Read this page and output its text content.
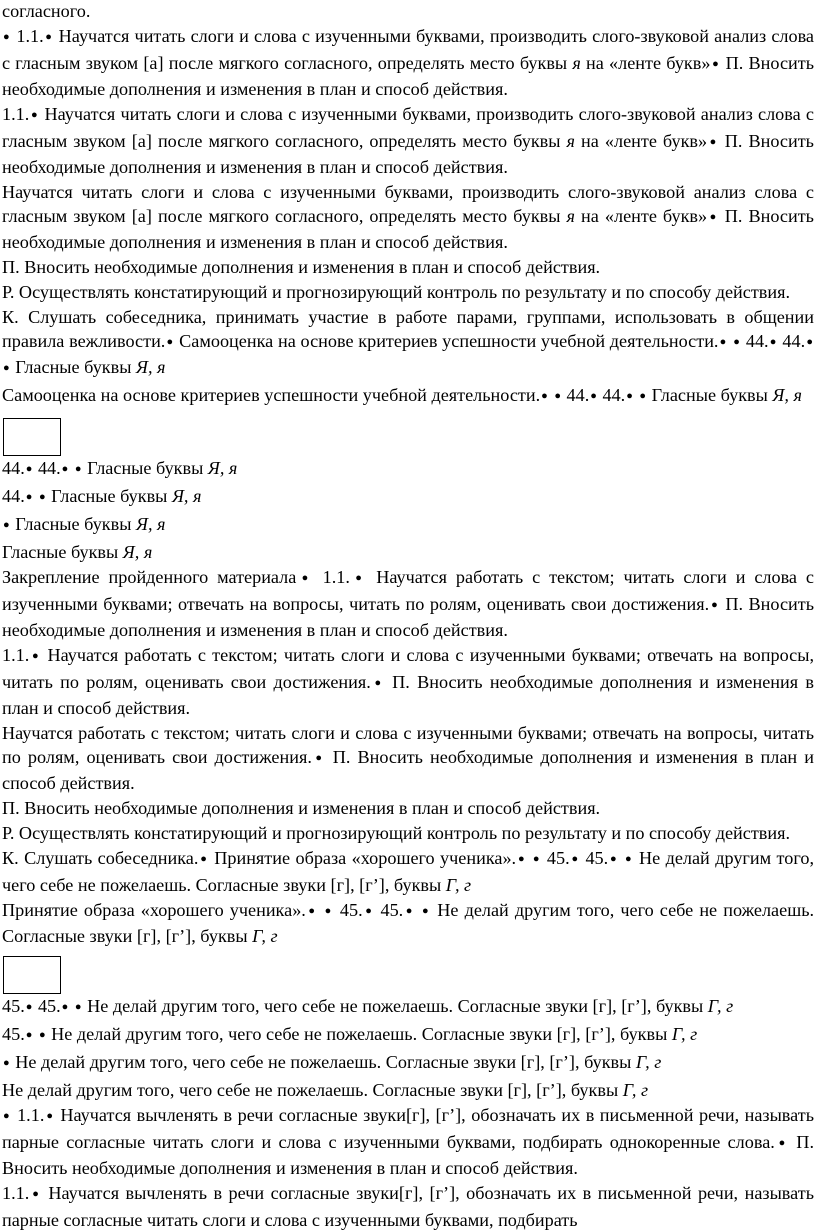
согласного.

● 1.1.● Научатся читать слоги и слова с изученными буквами, производить слого-звуковой анализ слова с гласным звуком [а] после мягкого согласного, определять место буквы я на «ленте букв»● П. Вносить необходимые дополнения и изменения в план и способ действия.

1.1.● Научатся читать слоги и слова с изученными буквами, производить слого-звуковой анализ слова с гласным звуком [а] после мягкого согласного, определять место буквы я на «ленте букв»● П. Вносить необходимые дополнения и изменения в план и способ действия.

Научатся читать слоги и слова с изученными буквами, производить слого-звуковой анализ слова с гласным звуком [а] после мягкого согласного, определять место буквы я на «ленте букв»● П. Вносить необходимые дополнения и изменения в план и способ действия.

П. Вносить необходимые дополнения и изменения в план и способ действия.

Р. Осуществлять констатирующий и прогнозирующий контроль по результату и по способу действия.

К. Слушать собеседника, принимать участие в работе парами, группами, использовать в общении правила вежливости.● Самооценка на основе критериев успешности учебной деятельности.● ● 44.● 44.● ● Гласные буквы Я, я

Самооценка на основе критериев успешности учебной деятельности.● ● 44.● 44.● ● Гласные буквы Я, я

44.● 44.● ● Гласные буквы Я, я

44.● ● Гласные буквы Я, я

● Гласные буквы Я, я

Гласные буквы Я, я

Закрепление пройденного материала● 1.1.● Научатся работать с текстом; читать слоги и слова с изученными буквами; отвечать на вопросы, читать по ролям, оценивать свои достижения.● П. Вносить необходимые дополнения и изменения в план и способ действия.

1.1.● Научатся работать с текстом; читать слоги и слова с изученными буквами; отвечать на вопросы, читать по ролям, оценивать свои достижения.● П. Вносить необходимые дополнения и изменения в план и способ действия.

Научатся работать с текстом; читать слоги и слова с изученными буквами; отвечать на вопросы, читать по ролям, оценивать свои достижения.● П. Вносить необходимые дополнения и изменения в план и способ действия.

П. Вносить необходимые дополнения и изменения в план и способ действия.

Р. Осуществлять констатирующий и прогнозирующий контроль по результату и по способу действия.

К. Слушать собеседника.● Принятие образа «хорошего ученика».● ● 45.● 45.● ● Не делай другим того, чего себе не пожелаешь. Согласные звуки [г], [г’], буквы Г, г

Принятие образа «хорошего ученика».● ● 45.● 45.● ● Не делай другим того, чего себе не пожелаешь. Согласные звуки [г], [г’], буквы Г, г

45.● 45.● ● Не делай другим того, чего себе не пожелаешь. Согласные звуки [г], [г’], буквы Г, г

45.● ● Не делай другим того, чего себе не пожелаешь. Согласные звуки [г], [г’], буквы Г, г

● Не делай другим того, чего себе не пожелаешь. Согласные звуки [г], [г’], буквы Г, г

Не делай другим того, чего себе не пожелаешь. Согласные звуки [г], [г’], буквы Г, г

● 1.1.● Научатся вычленять в речи согласные звуки[г], [г’], обозначать их в письменной речи, называть парные согласные читать слоги и слова с изученными буквами, подбирать однокоренные слова.● П. Вносить необходимые дополнения и изменения в план и способ действия.

1.1.● Научатся вычленять в речи согласные звуки[г], [г’], обозначать их в письменной речи, называть парные согласные читать слоги и слова с изученными буквами, подбирать
